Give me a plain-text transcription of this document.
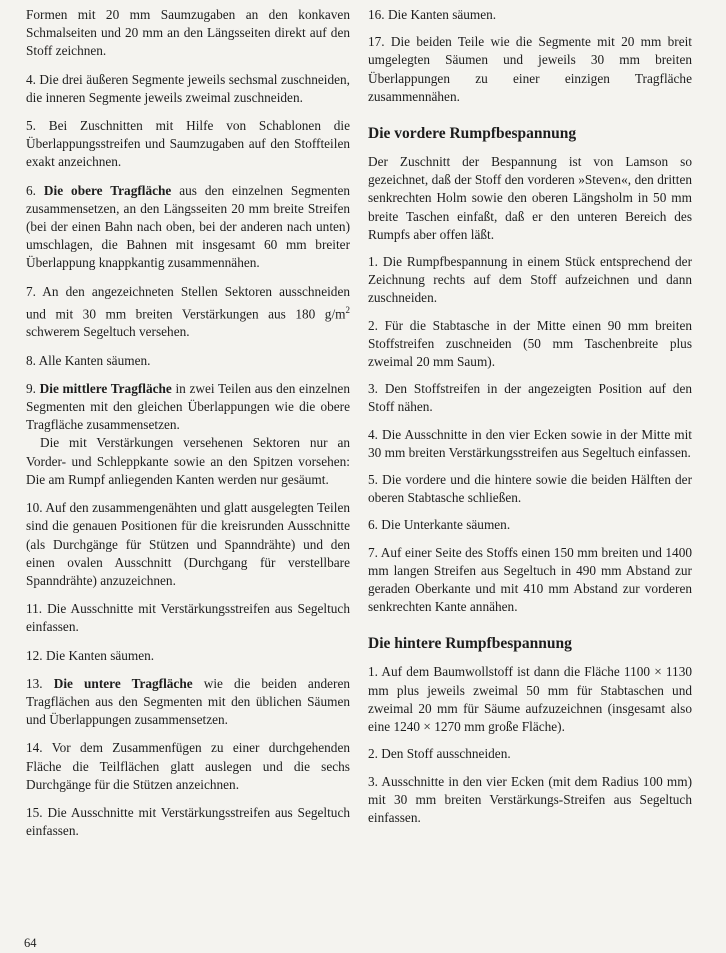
Formen mit 20 mm Saumzugaben an den konkaven Schmalseiten und 20 mm an den Längsseiten direkt auf den Stoff zeichnen.

4. Die drei äußeren Segmente jeweils sechsmal zuschneiden, die inneren Segmente jeweils zweimal zuschneiden.

5. Bei Zuschnitten mit Hilfe von Schablonen die Überlappungsstreifen und Saumzugaben auf den Stoffteilen exakt anzeichnen.

6. Die obere Tragfläche aus den einzelnen Segmenten zusammensetzen, an den Längsseiten 20 mm breite Streifen (bei der einen Bahn nach oben, bei der anderen nach unten) umschlagen, die Bahnen mit insgesamt 60 mm breiter Überlappung knappkantig zusammennähen.

7. An den angezeichneten Stellen Sektoren ausschneiden und mit 30 mm breiten Verstärkungen aus 180 $g/m^2$ schwerem Segeltuch versehen.

8. Alle Kanten säumen.

9. Die mittlere Tragfläche in zwei Teilen aus den einzelnen Segmenten mit den gleichen Überlappungen wie die obere Tragfläche zusammensetzen.

Die mit Verstärkungen versehenen Sektoren nur an Vorder- und Schleppkante sowie an den Spitzen vorsehen: Die am Rumpf anliegenden Kanten werden nur gesäumt.

10. Auf den zusammengenähten und glatt ausgelegten Teilen sind die genauen Positionen für die kreisrunden Ausschnitte (als Durchgänge für Stützen und Spanndrähte) und den einen ovalen Ausschnitt (Durchgang für verstellbare Spanndrähte) anzuzeichnen.

11. Die Ausschnitte mit Verstärkungsstreifen aus Segeltuch einfassen.

12. Die Kanten säumen.

13. Die untere Tragfläche wie die beiden anderen Tragflächen aus den Segmenten mit den üblichen Säumen und Überlappungen zusammensetzen.

14. Vor dem Zusammenfügen zu einer durchgehenden Fläche die Teilflächen glatt auslegen und die sechs Durchgänge für die Stützen anzeichnen.

15. Die Ausschnitte mit Verstärkungsstreifen aus Segeltuch einfassen.

16. Die Kanten säumen.

17. Die beiden Teile wie die Segmente mit 20 mm breit umgelegten Säumen und jeweils 30 mm breiten Überlappungen zu einer einzigen Tragfläche zusammennähen.

Die vordere Rumpfbespannung

Der Zuschnitt der Bespannung ist von Lamson so gezeichnet, daß der Stoff den vorderen »Steven«, den dritten senkrechten Holm sowie den oberen Längsholm in 50 mm breite Taschen einfaßt, daß er den unteren Bereich des Rumpfs aber offen läßt.

1. Die Rumpfbespannung in einem Stück entsprechend der Zeichnung rechts auf dem Stoff aufzeichnen und dann zuschneiden.

2. Für die Stabtasche in der Mitte einen 90 mm breiten Stoffstreifen zuschneiden (50 mm Taschenbreite plus zweimal 20 mm Saum).

3. Den Stoffstreifen in der angezeigten Position auf den Stoff nähen.

4. Die Ausschnitte in den vier Ecken sowie in der Mitte mit 30 mm breiten Verstärkungsstreifen aus Segeltuch einfassen.

5. Die vordere und die hintere sowie die beiden Hälften der oberen Stabtasche schließen.

6. Die Unterkante säumen.

7. Auf einer Seite des Stoffs einen 150 mm breiten und 1400 mm langen Streifen aus Segeltuch in 490 mm Abstand zur geraden Oberkante und mit 410 mm Abstand zur vorderen senkrechten Kante annähen.

Die hintere Rumpfbespannung

1. Auf dem Baumwollstoff ist dann die Fläche 1100 × 1130 mm plus jeweils zweimal 50 mm für Stabtaschen und zweimal 20 mm für Säume aufzuzeichnen (insgesamt also eine 1240 × 1270 mm große Fläche).

2. Den Stoff ausschneiden.

3. Ausschnitte in den vier Ecken (mit dem Radius 100 mm) mit 30 mm breiten Verstärkungs-Streifen aus Segeltuch einfassen.

64
